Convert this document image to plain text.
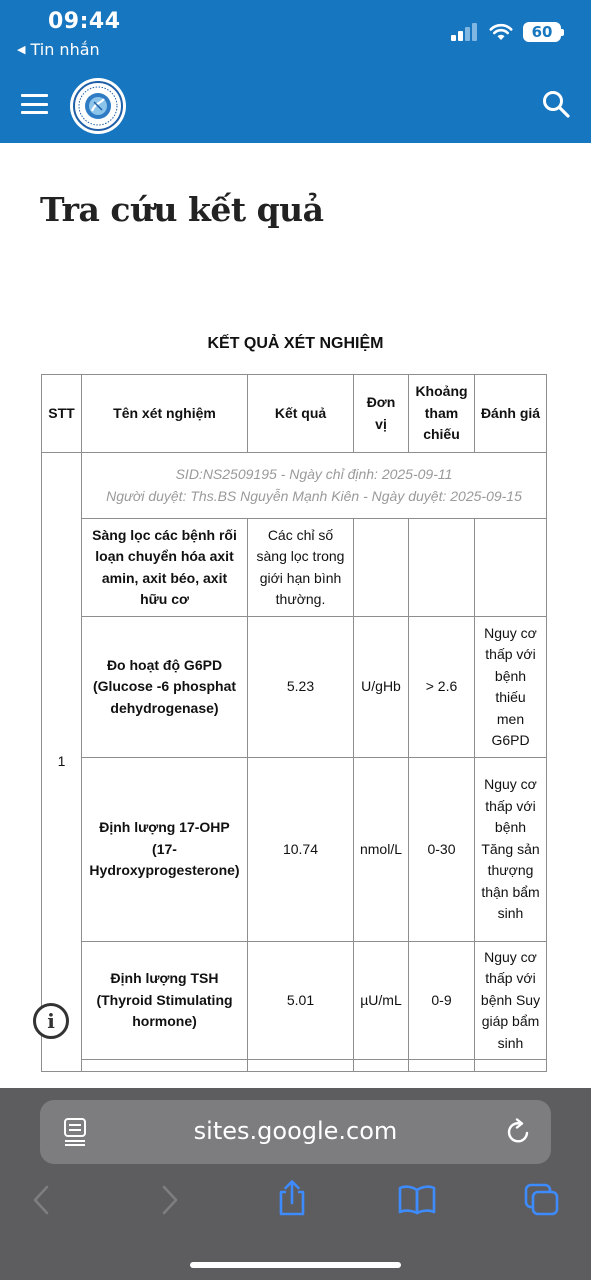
09:44
◀ Tin nhắn
60
Tra cứu kết quả
KẾT QUẢ XÉT NGHIỆM
STT	Tên xét nghiệm	Kết quả	Đơn vị	Khoảng tham chiếu	Đánh giá
1	SID:NS2509195 - Ngày chỉ định: 2025-09-11
Người duyệt: Ths.BS Nguyễn Mạnh Kiên - Ngày duyệt: 2025-09-15				

	Sàng lọc các bệnh rối loạn chuyển hóa axit amin, axit béo, axit hữu cơ	Các chỉ số sàng lọc trong giới hạn bình thường.			
	Đo hoạt độ G6PD (Glucose -6 phosphat dehydrogenase)	5.23	U/gHb	> 2.6	Nguy cơ thấp với bệnh thiếu men G6PD
	Định lượng 17-OHP (17-Hydroxyprogesterone)	10.74	nmol/L	0-30	Nguy cơ thấp với bệnh Tăng sản thượng thận bẩm sinh
	Định lượng TSH (Thyroid Stimulating hormone)	5.01	µU/mL	0-9	Nguy cơ thấp với bệnh Suy giáp bẩm sinh

i
sites.google.com
